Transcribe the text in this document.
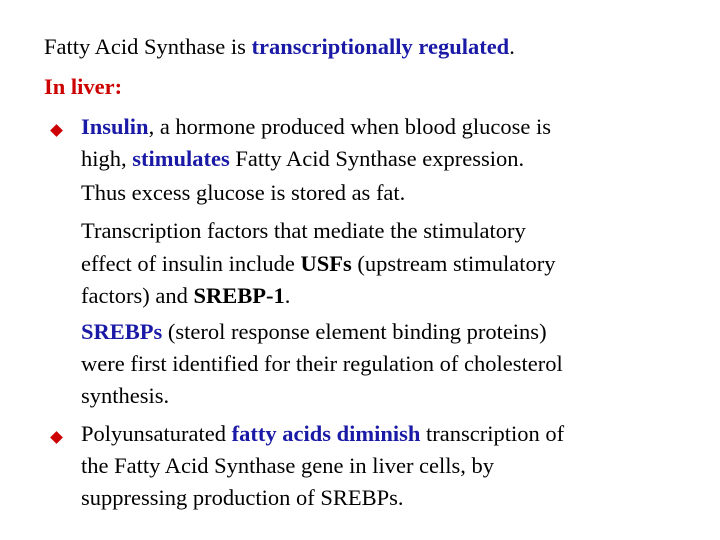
Fatty Acid Synthase is transcriptionally regulated.
In liver:
Insulin, a hormone produced when blood glucose is
high, stimulates Fatty Acid Synthase expression.
Thus excess glucose is stored as fat.
Transcription factors that mediate the stimulatory
effect of insulin include USFs (upstream stimulatory
factors) and SREBP-1.
SREBPs (sterol response element binding proteins)
were first identified for their regulation of cholesterol
synthesis.
Polyunsaturated fatty acids diminish transcription of
the Fatty Acid Synthase gene in liver cells, by
suppressing production of SREBPs.
